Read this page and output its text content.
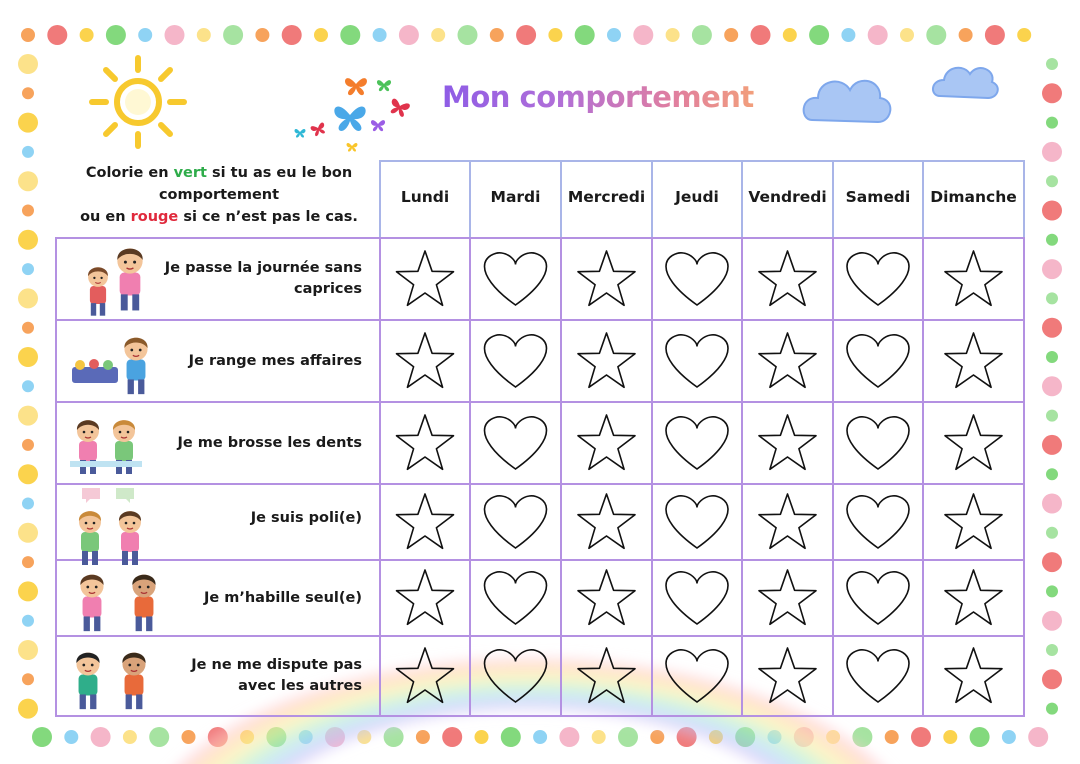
Mon comportement
Colorie en vert si tu as eu le bon comportement
ou en rouge si ce n’est pas le cas.
Lundi	Mardi	Mercredi	Jeudi	Vendredi	Samedi	Dimanche
Je passe la journée sans
caprices
Je range mes affaires
Je me brosse les dents
Je suis poli(e)
Je m’habille seul(e)
Je ne me dispute pas
avec les autres
